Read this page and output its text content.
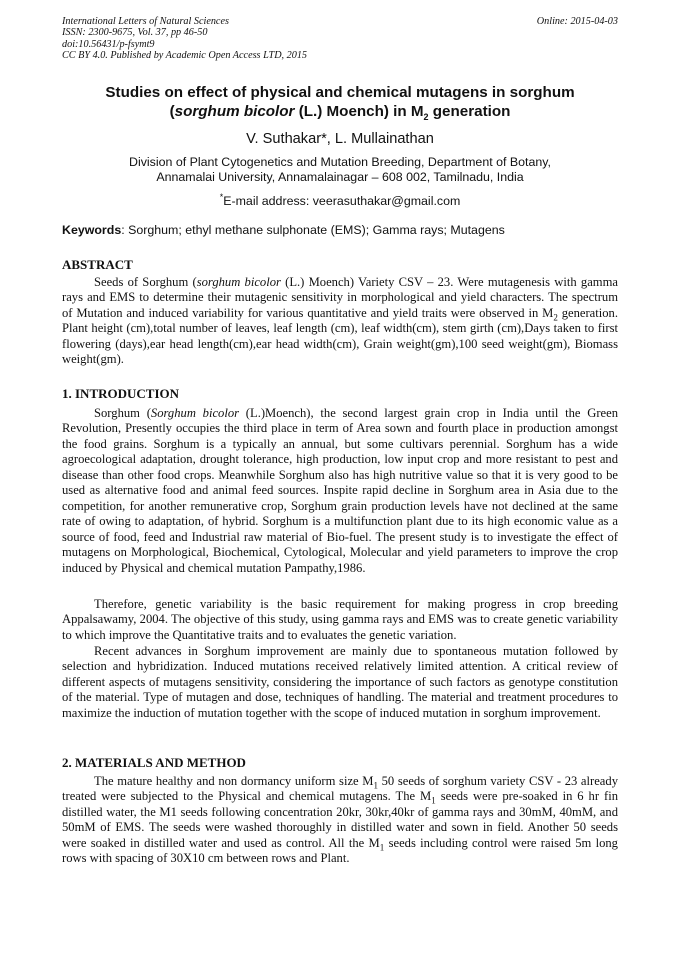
International Letters of Natural Sciences
ISSN: 2300-9675, Vol. 37, pp 46-50
doi:10.56431/p-fsymt9
CC BY 4.0. Published by Academic Open Access LTD, 2015
Online: 2015-04-03
Studies on effect of physical and chemical mutagens in sorghum
(sorghum bicolor (L.) Moench) in $M_2$ generation
V. Suthakar*, L. Mullainathan
Division of Plant Cytogenetics and Mutation Breeding, Department of Botany,
Annamalai University, Annamalainagar – 608 002, Tamilnadu, India
*E-mail address: veerasuthakar@gmail.com
Keywords: Sorghum; ethyl methane sulphonate (EMS); Gamma rays; Mutagens
ABSTRACT
Seeds of Sorghum (sorghum bicolor (L.) Moench) Variety CSV – 23. Were mutagenesis with gamma rays and EMS to determine their mutagenic sensitivity in morphological and yield characters. The spectrum of Mutation and induced variability for various quantitative and yield traits were observed in $M_2$ generation. Plant height (cm),total number of leaves, leaf length (cm), leaf width(cm), stem girth (cm),Days taken to first flowering (days),ear head length(cm),ear head width(cm), Grain weight(gm),100 seed weight(gm), Biomass weight(gm).
1. INTRODUCTION
Sorghum (Sorghum bicolor (L.)Moench), the second largest grain crop in India until the Green Revolution, Presently occupies the third place in term of Area sown and fourth place in production amongst the food grains. Sorghum is a typically an annual, but some cultivars perennial. Sorghum has a wide agroecological adaptation, drought tolerance, high production, low input crop and more resistant to pest and disease than other food crops. Meanwhile Sorghum also has high nutritive value so that it is very good to be used as alternative food and animal feed sources. Inspite rapid decline in Sorghum area in Asia due to the competition, for another remunerative crop, Sorghum grain production levels have not declined at the same rate of owing to adaptation, of hybrid. Sorghum is a multifunction plant due to its high economic value as a source of food, feed and Industrial raw material of Bio-fuel. The present study is to investigate the effect of mutagens on Morphological, Biochemical, Cytological, Molecular and yield parameters to improve the crop induced by Physical and chemical mutation Pampathy,1986.
Therefore, genetic variability is the basic requirement for making progress in crop breeding Appalsawamy, 2004. The objective of this study, using gamma rays and EMS was to create genetic variability to which improve the Quantitative traits and to evaluates the genetic variation.
Recent advances in Sorghum improvement are mainly due to spontaneous mutation followed by selection and hybridization. Induced mutations received relatively limited attention. A critical review of different aspects of mutagens sensitivity, considering the importance of such factors as genotype constitution of the material. Type of mutagen and dose, techniques of handling. The material and treatment procedures to maximize the induction of mutation together with the scope of induced mutation in sorghum improvement.
2. MATERIALS AND METHOD
The mature healthy and non dormancy uniform size $M_1$ 50 seeds of sorghum variety CSV - 23 already treated were subjected to the Physical and chemical mutagens. The $M_1$ seeds were pre-soaked in 6 hr fin distilled water, the M1 seeds following concentration 20kr, 30kr,40kr of gamma rays and 30mM, 40mM, and 50mM of EMS. The seeds were washed thoroughly in distilled water and sown in field. Another 50 seeds were soaked in distilled water and used as control. All the $M_1$ seeds including control were raised 5m long rows with spacing of 30X10 cm between rows and Plant.
